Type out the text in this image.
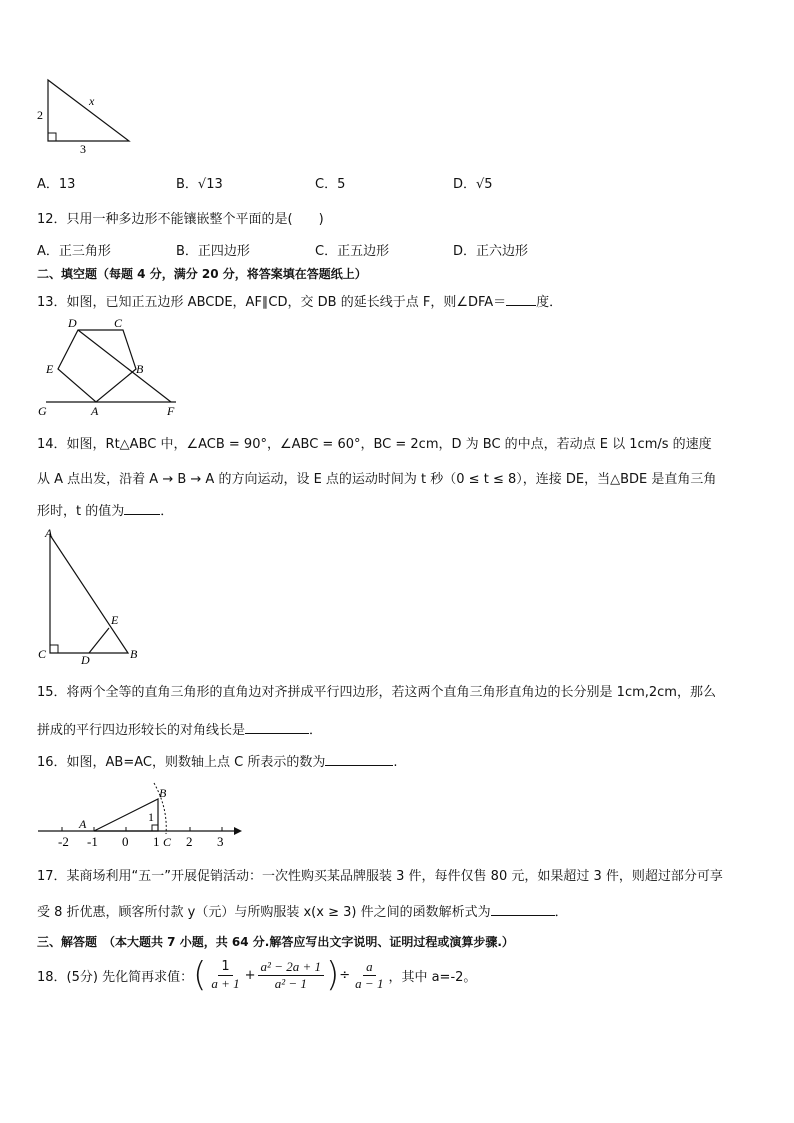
2
3
x
A．13	B．√13	C．5	D．√5
12．只用一种多边形不能镶嵌整个平面的是(　　)
A．正三角形	B．正四边形	C．正五边形	D．正六边形
二、填空题（每题 4 分，满分 20 分，将答案填在答题纸上）
13．如图，已知正五边形 ABCDE，AF∥CD，交 DB 的延长线于点 F，则∠DFA＝ 度．
D	C
E	B
G	A	F
14．如图，Rt△ABC 中，∠ACB = 90°，∠ABC = 60°，BC = 2cm，D 为 BC 的中点，若动点 E 以 1cm/s 的速度
从 A 点出发，沿着 A → B → A 的方向运动，设 E 点的运动时间为 t 秒（0 ≤ t ≤ 8），连接 DE，当△BDE 是直角三角
形时，t 的值为	．
A
E
C	D	B
15．将两个全等的直角三角形的直角边对齐拼成平行四边形，若这两个直角三角形直角边的长分别是 1cm,2cm，那么
拼成的平行四边形较长的对角线长是	．
16．如图，AB=AC，则数轴上点 C 所表示的数为	.
-2 -1 0 1 2 3
A
B
C
1
17．某商场利用“五一”开展促销活动：一次性购买某品牌服装 3 件，每件仅售 80 元，如果超过 3 件，则超过部分可享
受 8 折优惠，顾客所付款 y（元）与所购服装 x(x ≥ 3) 件之间的函数解析式为	．
三、解答题　（本大题共 7 小题，共 64 分.解答应写出文字说明、证明过程或演算步骤.）
18．(5分) 先化简再求值： ( $\frac{1}{a + 1} + \frac{\text{a² − 2a + 1}}{\text{a² − 1}}$ ) ÷ $\frac{a}{a - 1}$ ，其中 a=-2。
